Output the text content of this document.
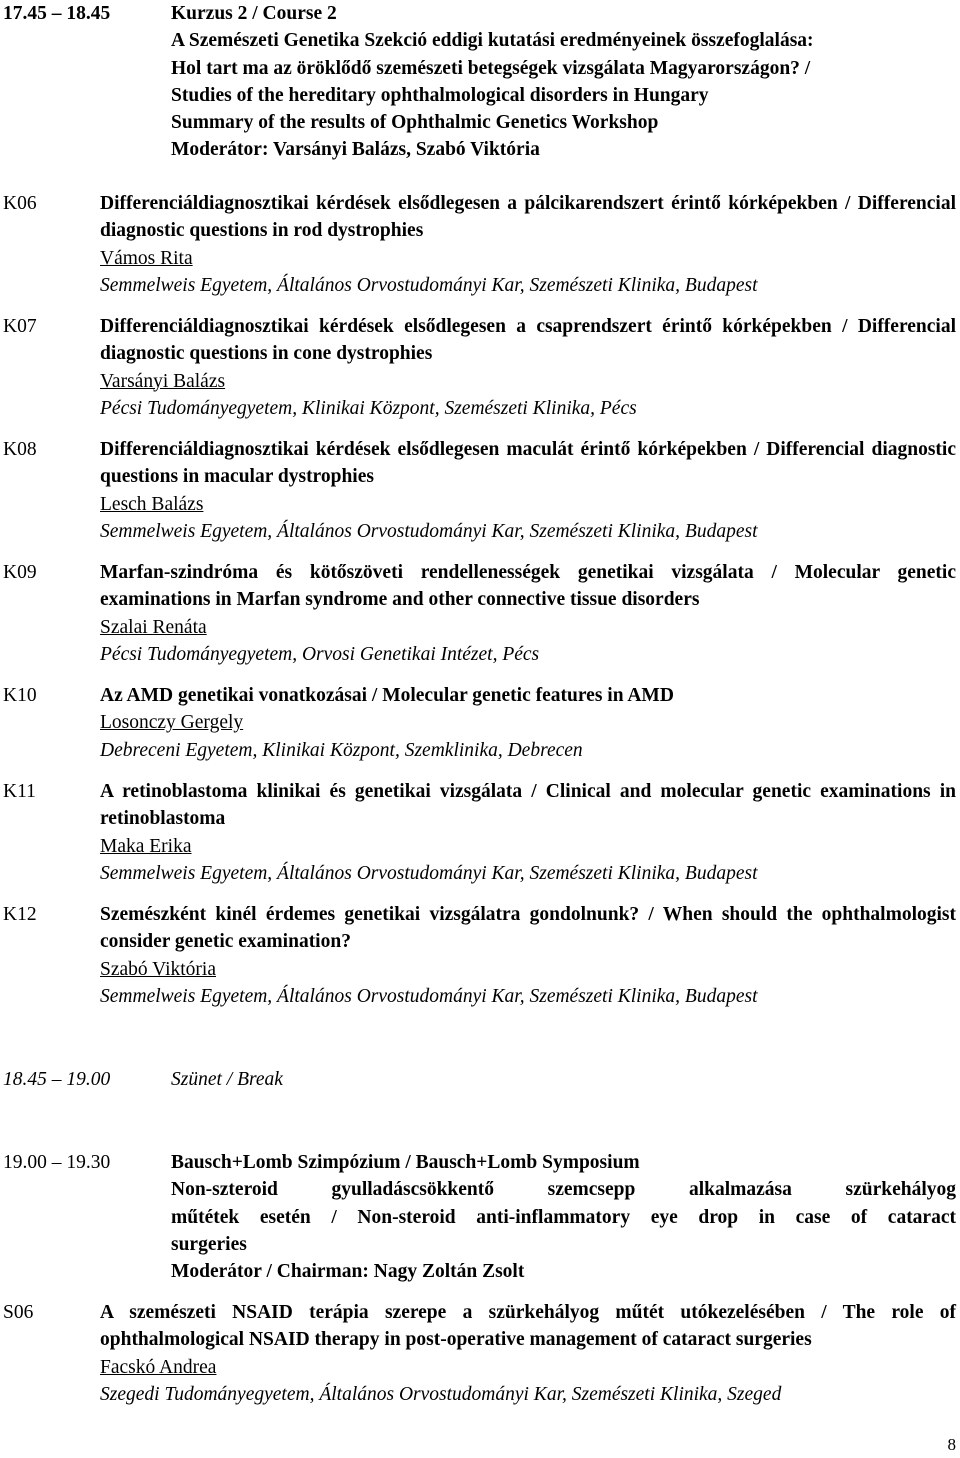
17.45 – 18.45	Kurzus 2 / Course 2
A Szemészeti Genetika Szekció eddigi kutatási eredményeinek összefoglalása:
Hol tart ma az öröklődő szemészeti betegségek vizsgálata Magyarországon? /
Studies of the hereditary ophthalmological disorders in Hungary
Summary of the results of Ophthalmic Genetics Workshop
Moderátor: Varsányi Balázs, Szabó Viktória
K06	Differenciáldiagnosztikai kérdések elsődlegesen a pálcikarendszert érintő kórképekben / Differencial diagnostic questions in rod dystrophies
Vámos Rita
Semmelweis Egyetem, Általános Orvostudományi Kar, Szemészeti Klinika, Budapest
K07	Differenciáldiagnosztikai kérdések elsődlegesen a csaprendszert érintő kórképekben / Differencial diagnostic questions in cone dystrophies
Varsányi Balázs
Pécsi Tudományegyetem, Klinikai Központ, Szemészeti Klinika, Pécs
K08	Differenciáldiagnosztikai kérdések elsődlegesen maculát érintő kórképekben / Differencial diagnostic questions in macular dystrophies
Lesch Balázs
Semmelweis Egyetem, Általános Orvostudományi Kar, Szemészeti Klinika, Budapest
K09	Marfan-szindróma és kötőszöveti rendellenességek genetikai vizsgálata / Molecular genetic examinations in Marfan syndrome and other connective tissue disorders
Szalai Renáta
Pécsi Tudományegyetem, Orvosi Genetikai Intézet, Pécs
K10	Az AMD genetikai vonatkozásai / Molecular genetic features in AMD
Losonczy Gergely
Debreceni Egyetem, Klinikai Központ, Szemklinika, Debrecen
K11	A retinoblastoma klinikai és genetikai vizsgálata / Clinical and molecular genetic examinations in retinoblastoma
Maka Erika
Semmelweis Egyetem, Általános Orvostudományi Kar, Szemészeti Klinika, Budapest
K12	Szemészként kinél érdemes genetikai vizsgálatra gondolnunk? / When should the ophthalmologist consider genetic examination?
Szabó Viktória
Semmelweis Egyetem, Általános Orvostudományi Kar, Szemészeti Klinika, Budapest
18.45 – 19.00	Szünet / Break
19.00 – 19.30	Bausch+Lomb Szimpózium / Bausch+Lomb Symposium
Non-szteroid gyulladáscsökkentő szemcsepp alkalmazása szürkehályog
műtétek esetén / Non-steroid anti-inflammatory eye drop in case of cataract
surgeries
Moderátor / Chairman: Nagy Zoltán Zsolt
S06	A szemészeti NSAID terápia szerepe a szürkehályog műtét utókezelésében / The role of ophthalmological NSAID therapy in post-operative management of cataract surgeries
Facskó Andrea
Szegedi Tudományegyetem, Általános Orvostudományi Kar, Szemészeti Klinika, Szeged
8
